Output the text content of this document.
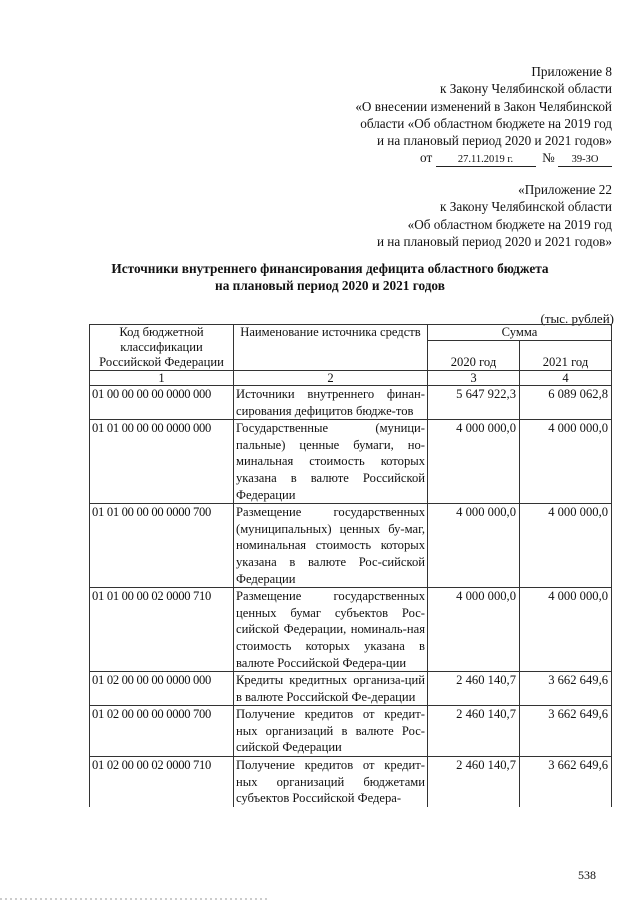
Приложение 8
к Закону Челябинской области
«О внесении изменений в Закон Челябинской
области «Об областном бюджете на 2019 год
и на плановый период 2020 и 2021 годов»
от 27.11.2019 г. № 39-ЗО
«Приложение 22
к Закону Челябинской области
«Об областном бюджете на 2019 год
и на плановый период 2020 и 2021 годов»
Источники внутреннего финансирования дефицита областного бюджета
на плановый период 2020 и 2021 годов
(тыс. рублей)
Код бюджетной классификации Российской Федерации	Наименование источника средств	Сумма	
		2020 год	2021 год
1	2	3	4
01 00 00 00 00 0000 000	Источники внутреннего финан-сирования дефицитов бюдже-тов	5 647 922,3	6 089 062,8
01 01 00 00 00 0000 000	Государственные (муници-пальные) ценные бумаги, но-минальная стоимость которых указана в валюте Российской Федерации	4 000 000,0	4 000 000,0
01 01 00 00 00 0000 700	Размещение государственных (муниципальных) ценных бу-маг, номинальная стоимость которых указана в валюте Рос-сийской Федерации	4 000 000,0	4 000 000,0
01 01 00 00 02 0000 710	Размещение государственных ценных бумаг субъектов Рос-сийской Федерации, номиналь-ная стоимость которых указана в валюте Российской Федера-ции	4 000 000,0	4 000 000,0
01 02 00 00 00 0000 000	Кредиты кредитных организа-ций в валюте Российской Фе-дерации	2 460 140,7	3 662 649,6
01 02 00 00 00 0000 700	Получение кредитов от кредит-ных организаций в валюте Рос-сийской Федерации	2 460 140,7	3 662 649,6
01 02 00 00 02 0000 710	Получение кредитов от кредит-ных организаций бюджетами субъектов Российской Федера-	2 460 140,7	3 662 649,6
538
